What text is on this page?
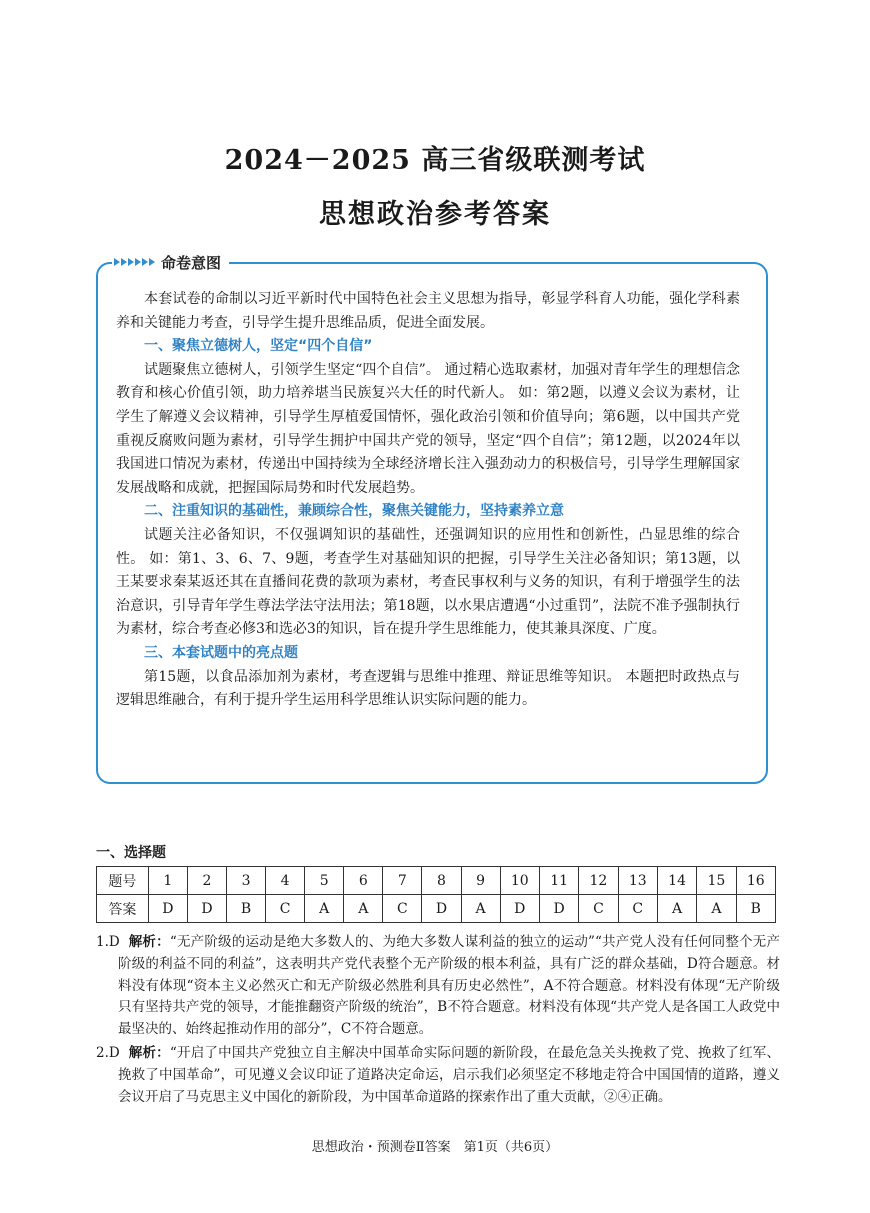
2024－2025 高三省级联测考试
思想政治参考答案
命卷意图

本套试卷的命制以习近平新时代中国特色社会主义思想为指导，彰显学科育人功能，强化学科素养和关键能力考查，引导学生提升思维品质，促进全面发展。

一、聚焦立德树人，坚定“四个自信”

试题聚焦立德树人，引领学生坚定“四个自信”。 通过精心选取素材，加强对青年学生的理想信念教育和核心价值引领，助力培养堪当民族复兴大任的时代新人。 如：第2题，以遵义会议为素材，让学生了解遵义会议精神，引导学生厚植爱国情怀，强化政治引领和价值导向；第6题，以中国共产党重视反腐败问题为素材，引导学生拥护中国共产党的领导，坚定“四个自信”；第12题，以2024年以我国进口情况为素材，传递出中国持续为全球经济增长注入强劲动力的积极信号，引导学生理解国家发展战略和成就，把握国际局势和时代发展趋势。

二、注重知识的基础性，兼顾综合性，聚焦关键能力，坚持素养立意

试题关注必备知识，不仅强调知识的基础性，还强调知识的应用性和创新性，凸显思维的综合性。 如：第1、3、6、7、9题，考查学生对基础知识的把握，引导学生关注必备知识；第13题，以王某要求秦某返还其在直播间花费的款项为素材，考查民事权利与义务的知识，有利于增强学生的法治意识，引导青年学生尊法学法守法用法；第18题，以水果店遭遇“小过重罚”，法院不准予强制执行为素材，综合考查必修3和选必3的知识，旨在提升学生思维能力，使其兼具深度、广度。

三、本套试题中的亮点题

第15题，以食品添加剂为素材，考查逻辑与思维中推理、辩证思维等知识。 本题把时政热点与逻辑思维融合，有利于提升学生运用科学思维认识实际问题的能力。

一、选择题
题号	1	2	3	4	5	6	7	8	9	10	11	12	13	14	15	16
答案	D	D	B	C	A	A	C	D	A	D	D	C	C	A	A	B

1.D 解析：“无产阶级的运动是绝大多数人的、为绝大多数人谋利益的独立的运动”“共产党人没有任何同整个无产阶级的利益不同的利益”，这表明共产党代表整个无产阶级的根本利益，具有广泛的群众基础，D符合题意。材料没有体现“资本主义必然灭亡和无产阶级必然胜利具有历史必然性”，A不符合题意。材料没有体现“无产阶级只有坚持共产党的领导，才能推翻资产阶级的统治”，B不符合题意。材料没有体现“共产党人是各国工人政党中最坚决的、始终起推动作用的部分”，C不符合题意。

2.D 解析：“开启了中国共产党独立自主解决中国革命实际问题的新阶段，在最危急关头挽救了党、挽救了红军、挽救了中国革命”，可见遵义会议印证了道路决定命运，启示我们必须坚定不移地走符合中国国情的道路，遵义会议开启了马克思主义中国化的新阶段，为中国革命道路的探索作出了重大贡献，②④正确。

思想政治・预测卷Ⅱ答案　第1页（共6页）
